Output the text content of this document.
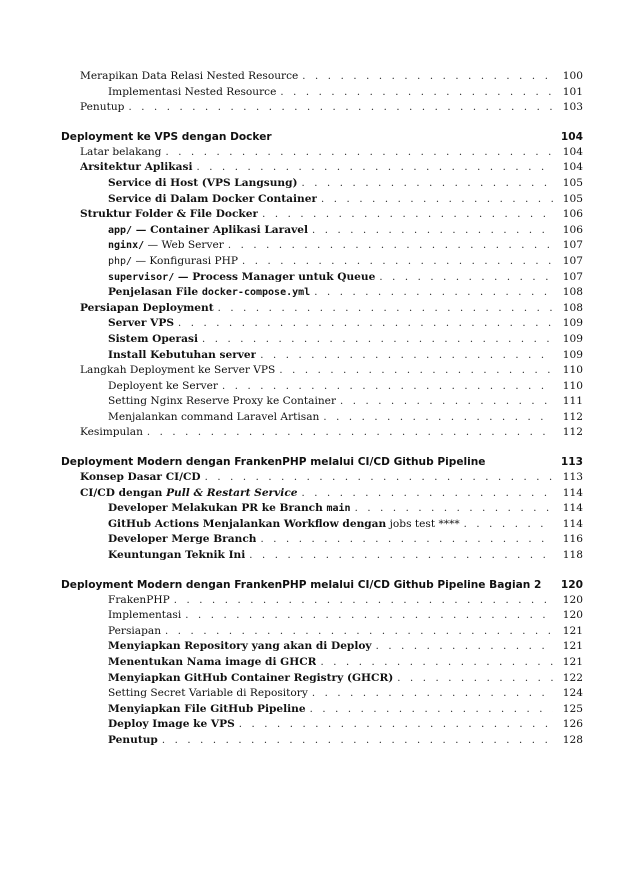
Merapikan Data Relasi Nested Resource . . .	100
Implementasi Nested Resource . . .	101
Penutup . . .	103
Deployment ke VPS dengan Docker	104
Latar belakang . . .	104
Arsitektur Aplikasi . . .	104
Service di Host (VPS Langsung) . . .	105
Service di Dalam Docker Container . . .	105
Struktur Folder & File Docker . . .	106
app/ — Container Aplikasi Laravel . . .	106
nginx/ — Web Server . . .	107
php/ — Konfigurasi PHP . . .	107
supervisor/ — Process Manager untuk Queue . . .	107
Penjelasan File docker-compose.yml . . .	108
Persiapan Deployment . . .	108
Server VPS . . .	109
Sistem Operasi . . .	109
Install Kebutuhan server . . .	109
Langkah Deployment ke Server VPS . . .	110
Deployent ke Server . . .	110
Setting Nginx Reserve Proxy ke Container . . .	111
Menjalankan command Laravel Artisan . . .	112
Kesimpulan . . .	112
Deployment Modern dengan FrankenPHP melalui CI/CD Github Pipeline	113
Konsep Dasar CI/CD . . .	113
CI/CD dengan Pull & Restart Service . . .	114
Developer Melakukan PR ke Branch main . . .	114
GitHub Actions Menjalankan Workflow dengan jobs test **** . . .	114
Developer Merge Branch . . .	116
Keuntungan Teknik Ini . . .	118
Deployment Modern dengan FrankenPHP melalui CI/CD Github Pipeline Bagian 2	120
FrakenPHP . . .	120
Implementasi . . .	120
Persiapan . . .	121
Menyiapkan Repository yang akan di Deploy . . .	121
Menentukan Nama image di GHCR . . .	121
Menyiapkan GitHub Container Registry (GHCR) . . .	122
Setting Secret Variable di Repository . . .	124
Menyiapkan File GitHub Pipeline . . .	125
Deploy Image ke VPS . . .	126
Penutup . . .	128
